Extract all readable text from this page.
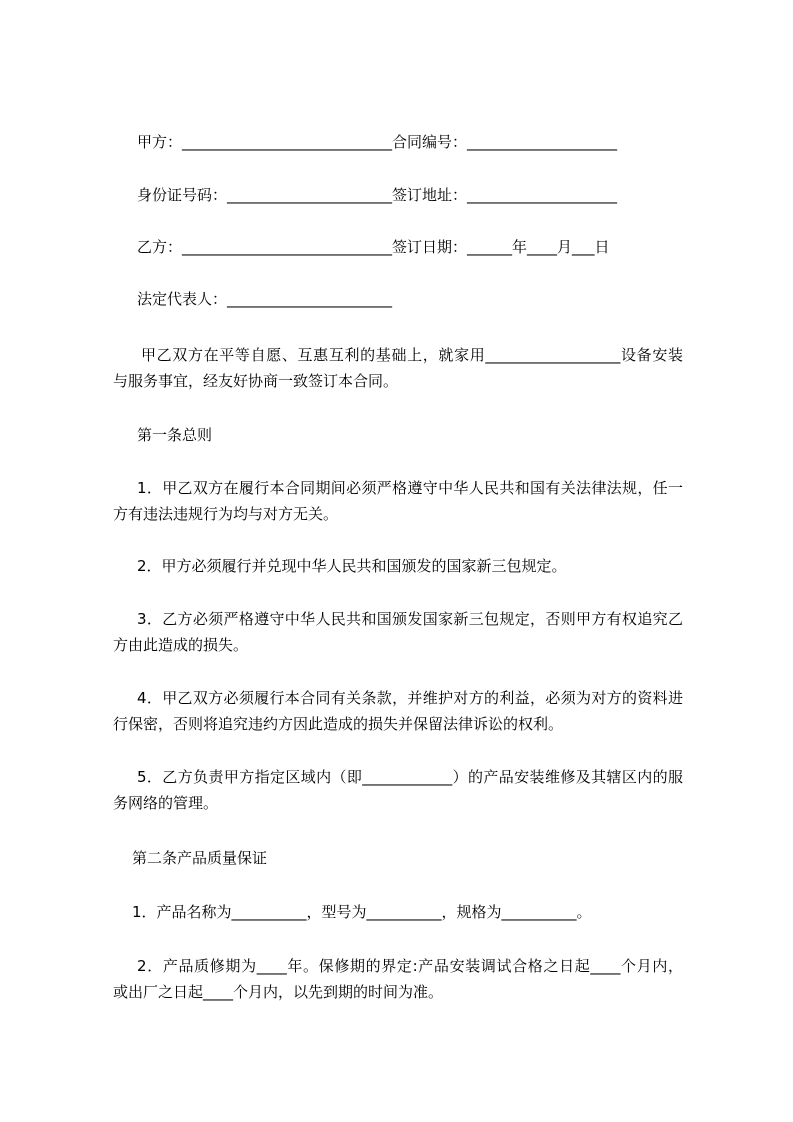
甲方：____________________________合同编号：____________________
身份证号码：______________________签订地址：____________________
乙方：____________________________签订日期：______年____月___日
法定代表人：______________________
甲乙双方在平等自愿、互惠互利的基础上，就家用__________________设备安装
与服务事宜，经友好协商一致签订本合同。
第一条总则
1．甲乙双方在履行本合同期间必须严格遵守中华人民共和国有关法律法规，任一
方有违法违规行为均与对方无关。
2．甲方必须履行并兑现中华人民共和国颁发的国家新三包规定。
3．乙方必须严格遵守中华人民共和国颁发国家新三包规定，否则甲方有权追究乙
方由此造成的损失。
4．甲乙双方必须履行本合同有关条款，并维护对方的利益，必须为对方的资料进
行保密，否则将追究违约方因此造成的损失并保留法律诉讼的权利。
5．乙方负责甲方指定区域内（即____________）的产品安装维修及其辖区内的服
务网络的管理。
第二条产品质量保证
1．产品名称为__________，型号为__________，规格为__________。
2．产品质修期为____年。保修期的界定:产品安装调试合格之日起____个月内，
或出厂之日起____个月内，以先到期的时间为准。
